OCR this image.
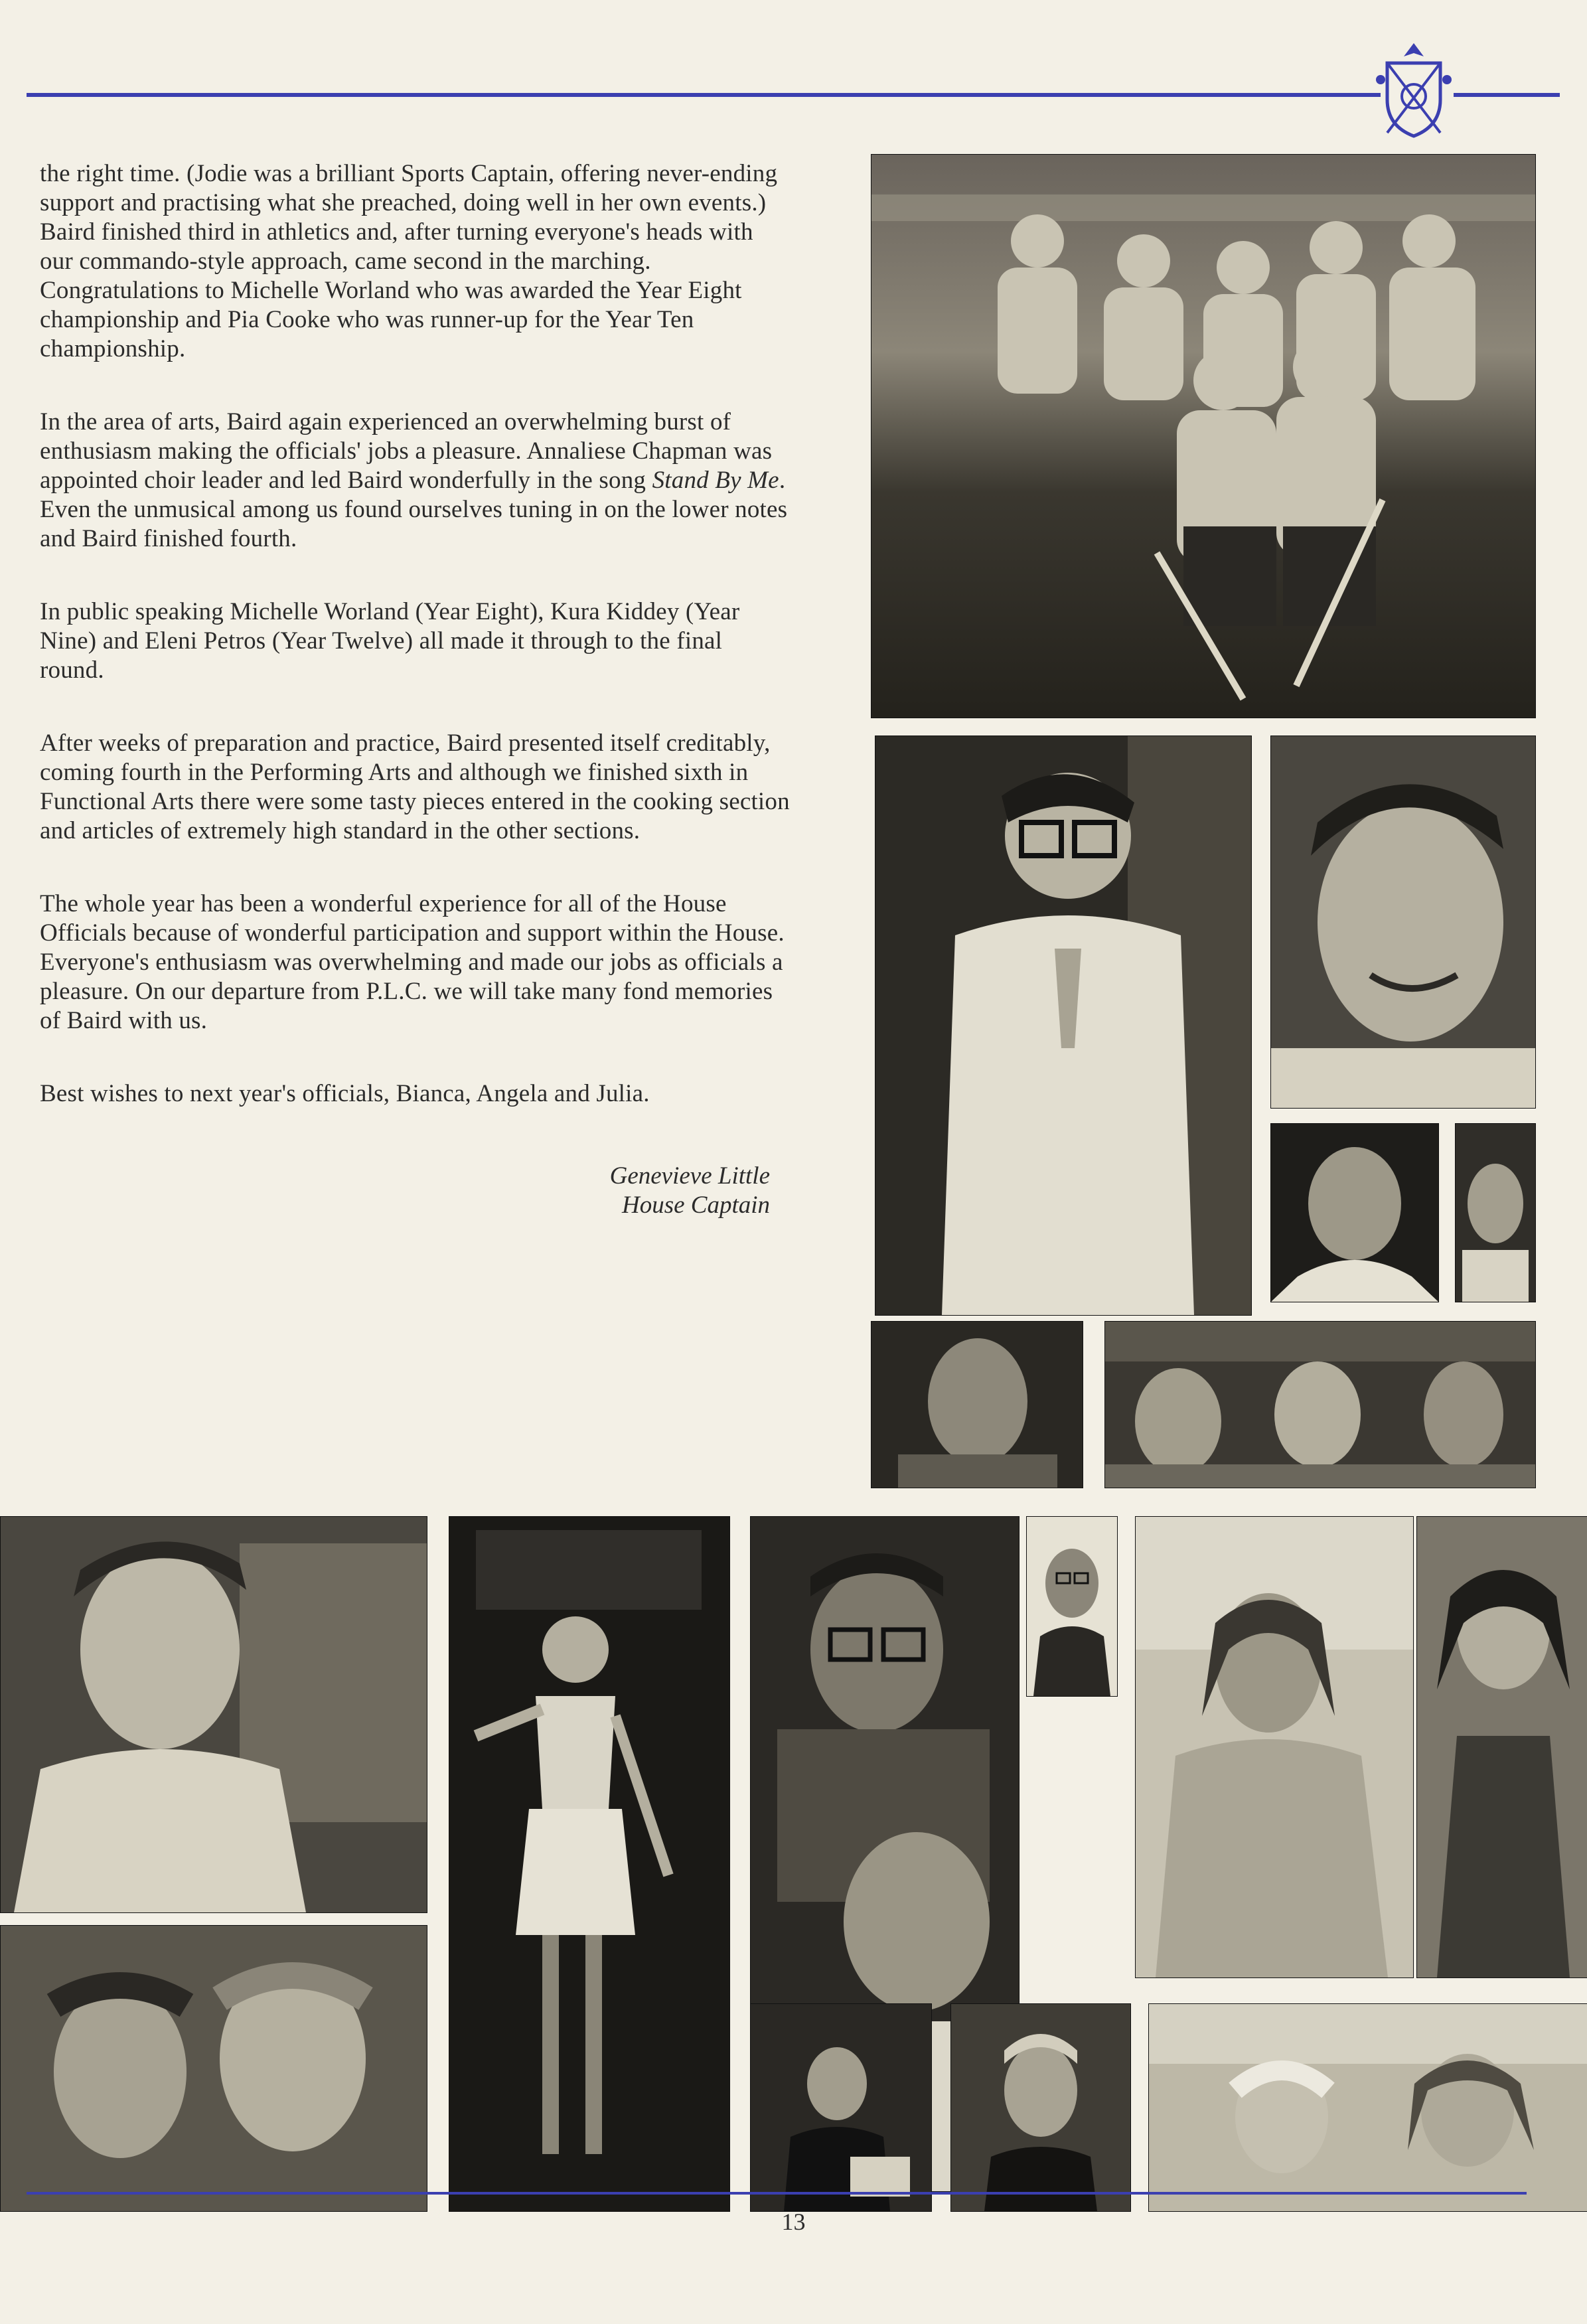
the right time. (Jodie was a brilliant Sports Captain, offering never-ending support and practising what she preached, doing well in her own events.) Baird finished third in athletics and, after turning everyone's heads with our commando-style approach, came second in the marching. Congratulations to Michelle Worland who was awarded the Year Eight championship and Pia Cooke who was runner-up for the Year Ten championship.

In the area of arts, Baird again experienced an overwhelming burst of enthusiasm making the officials' jobs a pleasure. Annaliese Chapman was appointed choir leader and led Baird wonderfully in the song Stand By Me. Even the unmusical among us found ourselves tuning in on the lower notes and Baird finished fourth.

In public speaking Michelle Worland (Year Eight), Kura Kiddey (Year Nine) and Eleni Petros (Year Twelve) all made it through to the final round.

After weeks of preparation and practice, Baird presented itself creditably, coming fourth in the Performing Arts and although we finished sixth in Functional Arts there were some tasty pieces entered in the cooking section and articles of extremely high standard in the other sections.

The whole year has been a wonderful experience for all of the House Officials because of wonderful participation and support within the House. Everyone's enthusiasm was overwhelming and made our jobs as officials a pleasure. On our departure from P.L.C. we will take many fond memories of Baird with us.

Best wishes to next year's officials, Bianca, Angela and Julia.

Genevieve Little
House Captain
13
